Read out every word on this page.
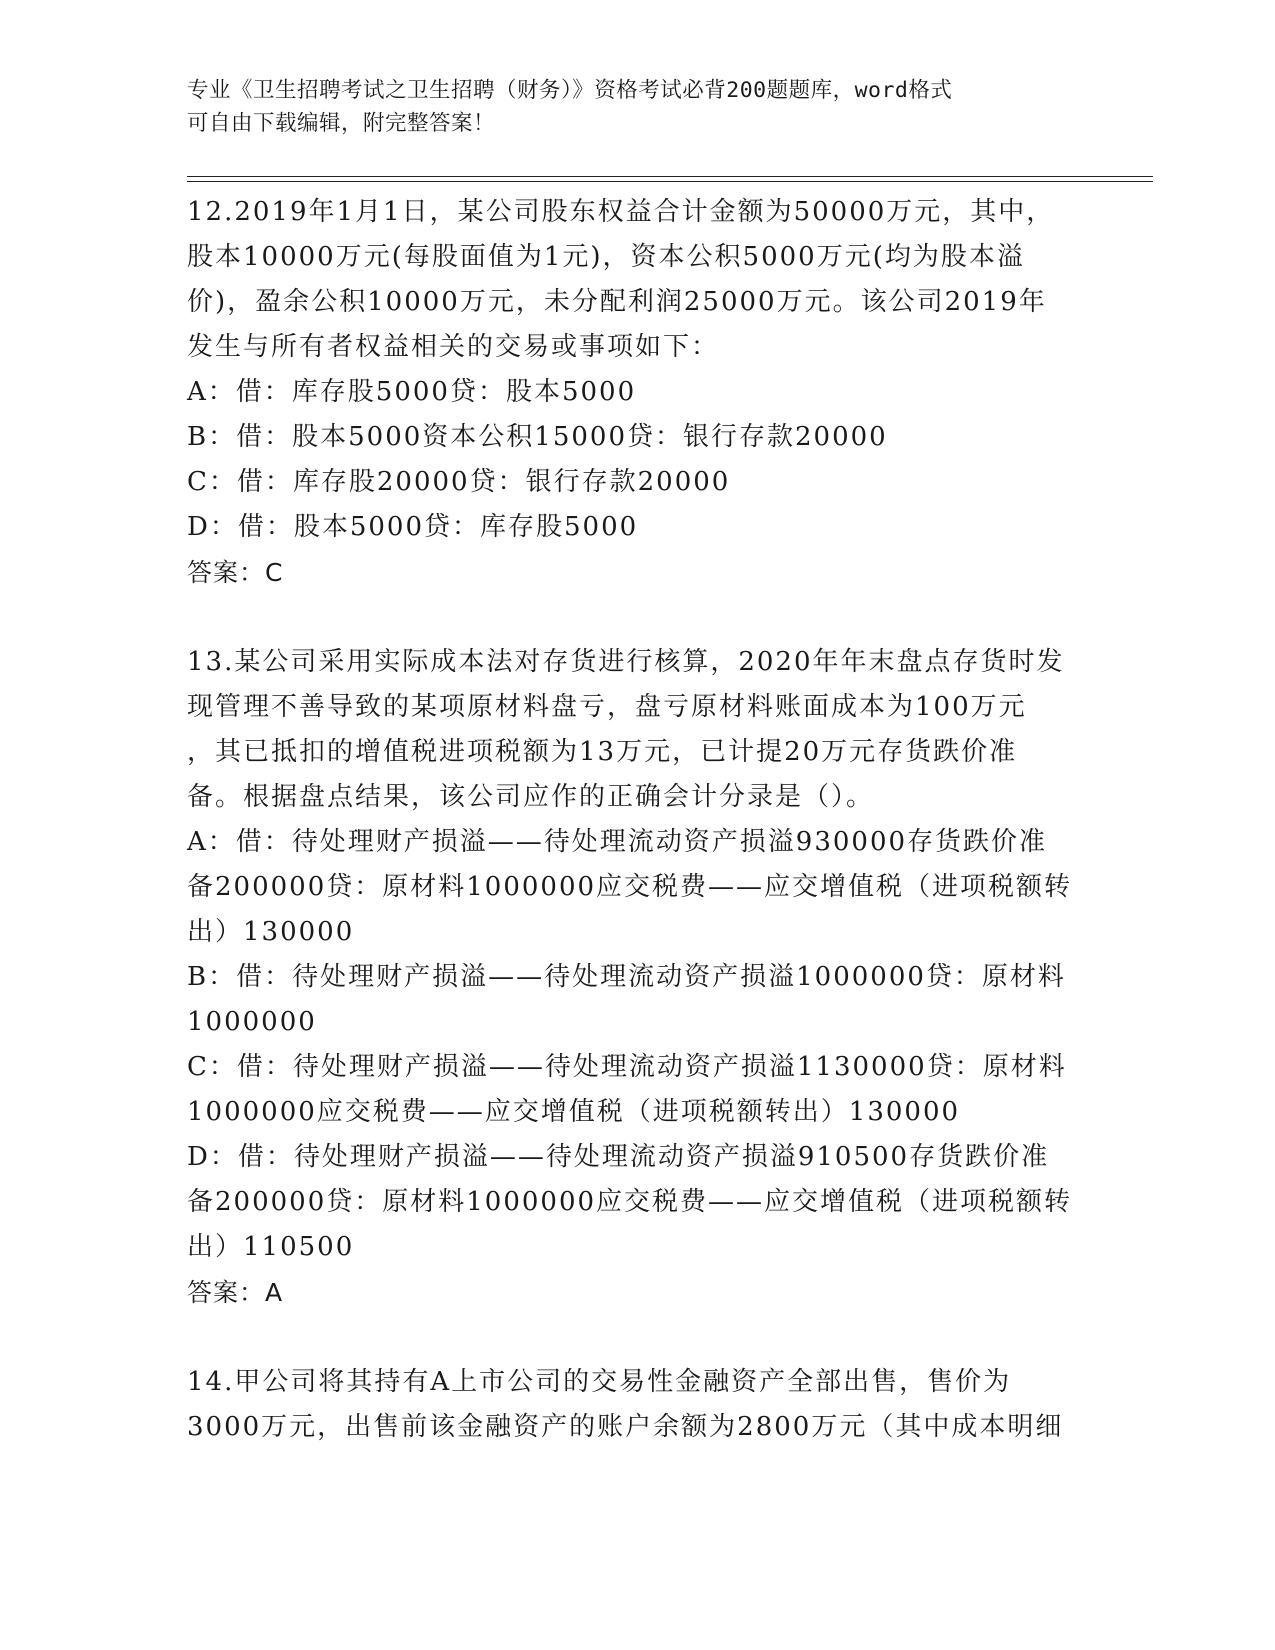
专业《卫生招聘考试之卫生招聘（财务）》资格考试必背200题题库，word格式
可自由下载编辑，附完整答案！
12.2019年1月1日，某公司股东权益合计金额为50000万元，其中，
股本10000万元(每股面值为1元)，资本公积5000万元(均为股本溢
价)，盈余公积10000万元，未分配利润25000万元。该公司2019年
发生与所有者权益相关的交易或事项如下：
A：借：库存股5000贷：股本5000
B：借：股本5000资本公积15000贷：银行存款20000
C：借：库存股20000贷：银行存款20000
D：借：股本5000贷：库存股5000
答案：C
13.某公司采用实际成本法对存货进行核算，2020年年末盘点存货时发
现管理不善导致的某项原材料盘亏，盘亏原材料账面成本为100万元
，其已抵扣的增值税进项税额为13万元，已计提20万元存货跌价准
备。根据盘点结果，该公司应作的正确会计分录是（）。
A：借：待处理财产损溢——待处理流动资产损溢930000存货跌价准
备200000贷：原材料1000000应交税费——应交增值税（进项税额转
出）130000
B：借：待处理财产损溢——待处理流动资产损溢1000000贷：原材料
1000000
C：借：待处理财产损溢——待处理流动资产损溢1130000贷：原材料
1000000应交税费——应交增值税（进项税额转出）130000
D：借：待处理财产损溢——待处理流动资产损溢910500存货跌价准
备200000贷：原材料1000000应交税费——应交增值税（进项税额转
出）110500
答案：A
14.甲公司将其持有A上市公司的交易性金融资产全部出售，售价为
3000万元，出售前该金融资产的账户余额为2800万元（其中成本明细
